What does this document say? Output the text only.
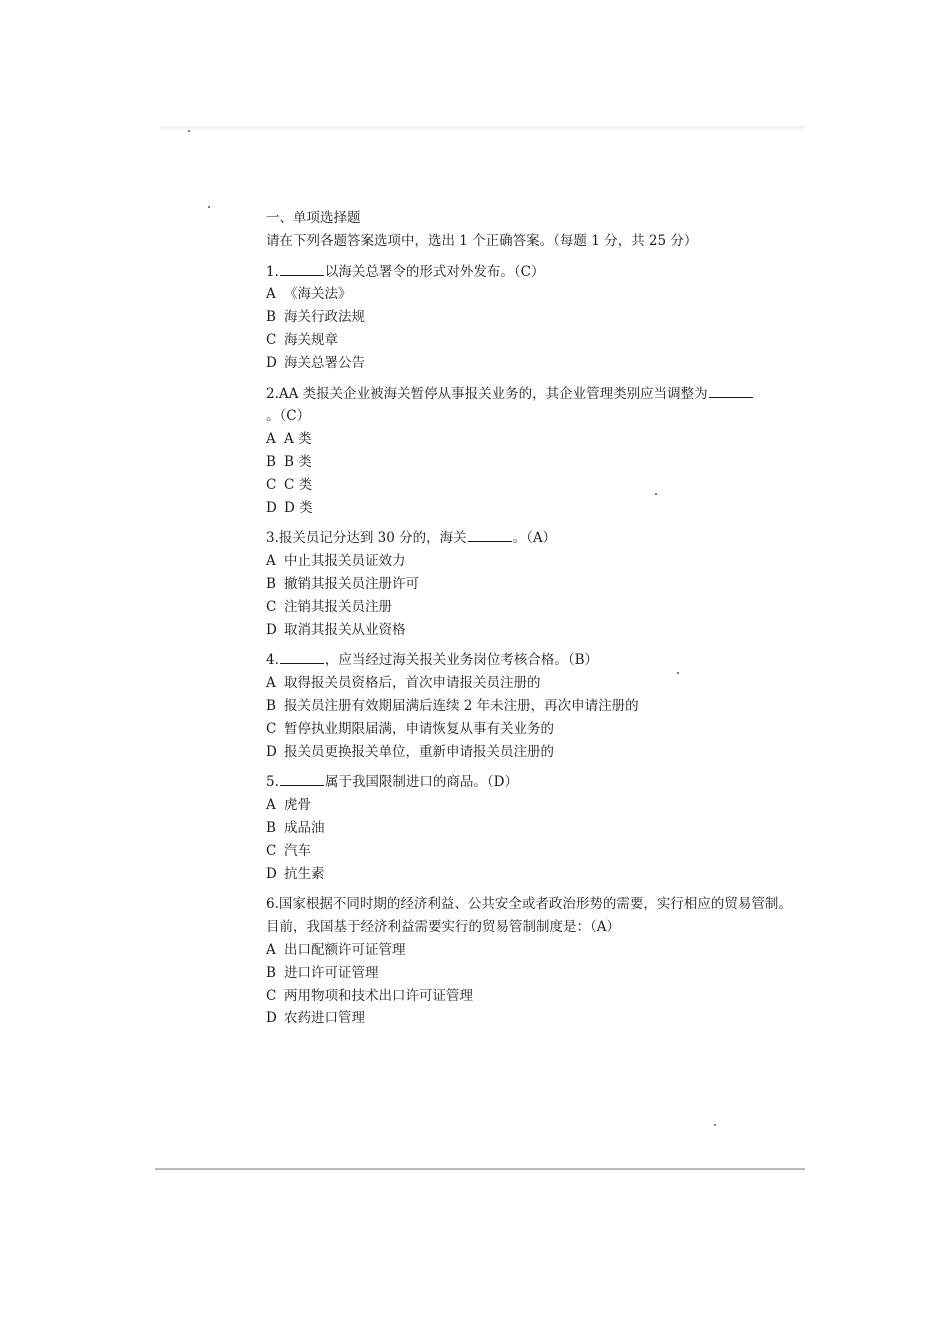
一、单项选择题
请在下列各题答案选项中，选出 1 个正确答案。（每题 1 分，共 25 分）
1.	以海关总署令的形式对外发布。（C）
A 《海关法》
B 海关行政法规
C 海关规章
D 海关总署公告
2.AA 类报关企业被海关暂停从事报关业务的，其企业管理类别应当调整为。（C）
A A 类
B B 类
C C 类
D D 类
3.报关员记分达到 30 分的，海关	。（A）
A 中止其报关员证效力
B 撤销其报关员注册许可
C 注销其报关员注册
D 取消其报关从业资格
4.	，应当经过海关报关业务岗位考核合格。（B）
A 取得报关员资格后，首次申请报关员注册的
B 报关员注册有效期届满后连续 2 年未注册，再次申请注册的
C 暂停执业期限届满，申请恢复从事有关业务的
D 报关员更换报关单位，重新申请报关员注册的
5.	属于我国限制进口的商品。（D）
A 虎骨
B 成品油
C 汽车
D 抗生素
6.国家根据不同时期的经济利益、公共安全或者政治形势的需要，实行相应的贸易管制。目前，我国基于经济利益需要实行的贸易管制制度是：（A）
A 出口配额许可证管理
B 进口许可证管理
C 两用物项和技术出口许可证管理
D 农药进口管理
